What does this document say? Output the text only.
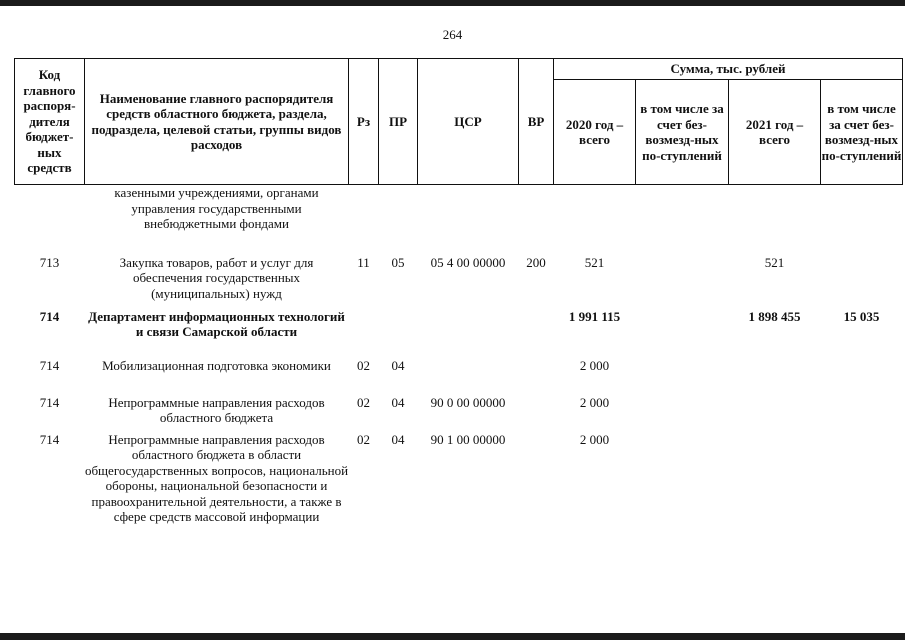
264
Код главного распоря-дителя бюджет-ных средств	Наименование главного распорядителя средств областного бюджета, раздела, подраздела, целевой статьи, группы видов расходов	Рз	ПР	ЦСР	ВР	Сумма, тыс. рублей			
						2020 год – всего	в том числе за счет без-возмезд-ных по-ступлений	2021 год – всего	в том числе за счет без-возмезд-ных по-ступлений
	казенными учреждениями, органами управления государственными внебюджетными фондами								
713	Закупка товаров, работ и услуг для обеспечения государственных (муниципальных) нужд	11	05	05 4 00 00000	200	521		521	
714	Департамент информационных технологий и связи Самарской области					1 991 115		1 898 455	15 035
714	Мобилизационная подготовка экономики	02	04			2 000			
714	Непрограммные направления расходов областного бюджета	02	04	90 0 00 00000		2 000			
714	Непрограммные направления расходов областного бюджета в области общегосударственных вопросов, национальной обороны, национальной безопасности и правоохранительной деятельности, а также в сфере средств массовой информации	02	04	90 1 00 00000		2 000			
